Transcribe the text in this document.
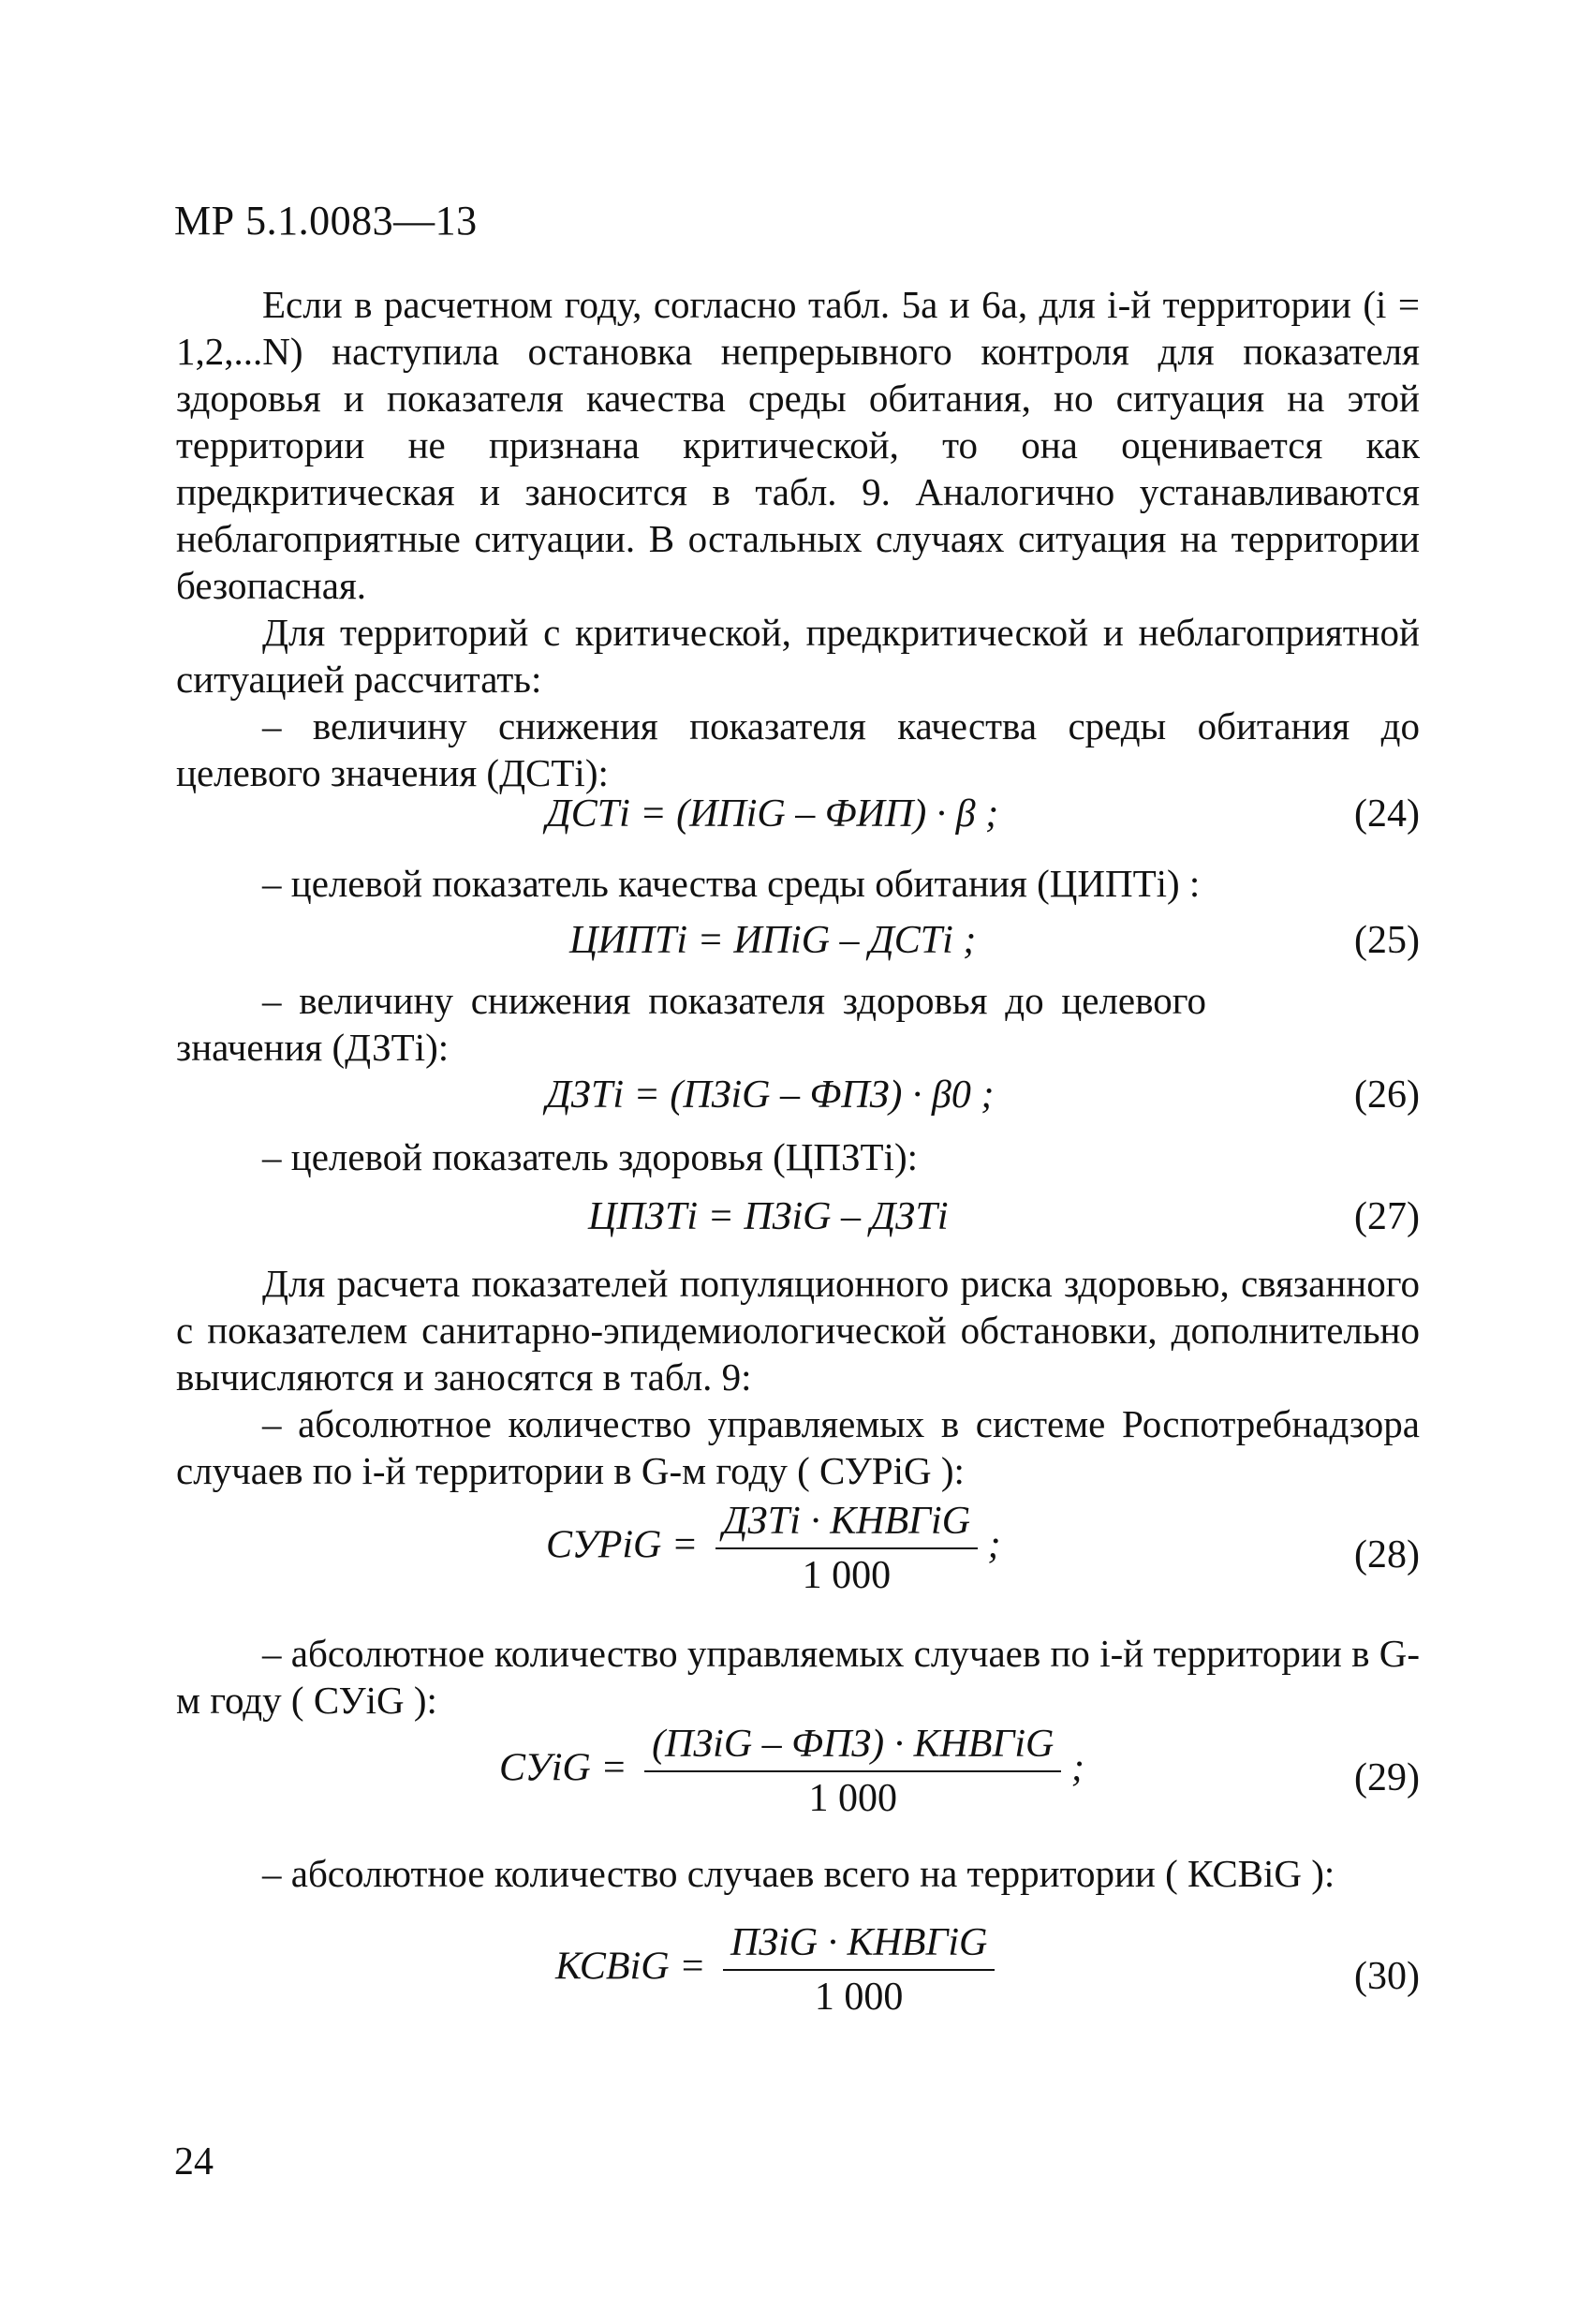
МР 5.1.0083—13

Если в расчетном году, согласно табл. 5а и 6а, для i-й территории (i = 1,2,...N) наступила остановка непрерывного контроля для показателя здоровья и показателя качества среды обитания, но ситуация на этой территории не признана критической, то она оценивается как предкритическая и заносится в табл. 9. Аналогично устанавливаются неблагоприятные ситуации. В остальных случаях ситуация на территории безопасная.

Для территорий с критической, предкритической и неблагоприятной ситуацией рассчитать:

– величину снижения показателя качества среды обитания до целевого значения (ДСТi):

ДСТi = (ИПiG – ФИП) · β ;	(24)

– целевой показатель качества среды обитания (ЦИПТi) :

ЦИПТi = ИПiG – ДСТi ;	(25)

– величину снижения показателя здоровья до целевого значения (ДЗТi):

ДЗТi = (ПЗiG – ФПЗ) · β0 ;	(26)

– целевой показатель здоровья (ЦПЗТi):

ЦПЗТi = ПЗiG – ДЗТi	(27)

Для расчета показателей популяционного риска здоровью, связанного с показателем санитарно-эпидемиологической обстановки, дополнительно вычисляются и заносятся в табл. 9:

– абсолютное количество управляемых в системе Роспотребнадзора случаев по i-й территории в G-м году ( СУРiG ):

СУРiG = $\frac{\text{ДЗТi · КНВГiG}}{1 000}$ ;	(28)

– абсолютное количество управляемых случаев по i-й территории в G-м году ( СУiG ):

СУiG = $\frac{\text{(ПЗiG – ФПЗ) · КНВГiG}}{1 000}$ ;	(29)

– абсолютное количество случаев всего на территории ( КСВiG ):

КСВiG = $\frac{\text{ПЗiG · КНВГiG}}{1 000}$	(30)
24
